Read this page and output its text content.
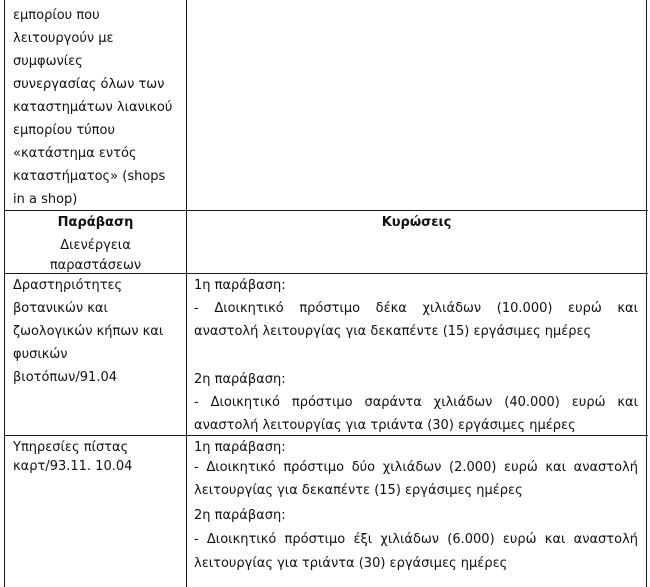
εμπορίου που
λειτουργούν με
συμφωνίες
συνεργασίας όλων των
καταστημάτων λιανικού
εμπορίου τύπου
«κατάστημα εντός
καταστήματος» (shops
in a shop)
Παράβαση
Διενέργεια
παραστάσεων
Κυρώσεις
Δραστηριότητες
βοτανικών και
ζωολογικών κήπων και
φυσικών
βιοτόπων/91.04
1η παράβαση:
- Διοικητικό πρόστιμο δέκα χιλιάδων (10.000) ευρώ και
αναστολή λειτουργίας για δεκαπέντε (15) εργάσιμες ημέρες
2η παράβαση:
- Διοικητικό πρόστιμο σαράντα χιλιάδων (40.000) ευρώ και
αναστολή λειτουργίας για τριάντα (30) εργάσιμες ημέρες
Υπηρεσίες πίστας
καρτ/93.11. 10.04
1η παράβαση:
- Διοικητικό πρόστιμο δύο χιλιάδων (2.000) ευρώ και αναστολή
λειτουργίας για δεκαπέντε (15) εργάσιμες ημέρες
2η παράβαση:
- Διοικητικό πρόστιμο έξι χιλιάδων (6.000) ευρώ και αναστολή
λειτουργίας για τριάντα (30) εργάσιμες ημέρες
